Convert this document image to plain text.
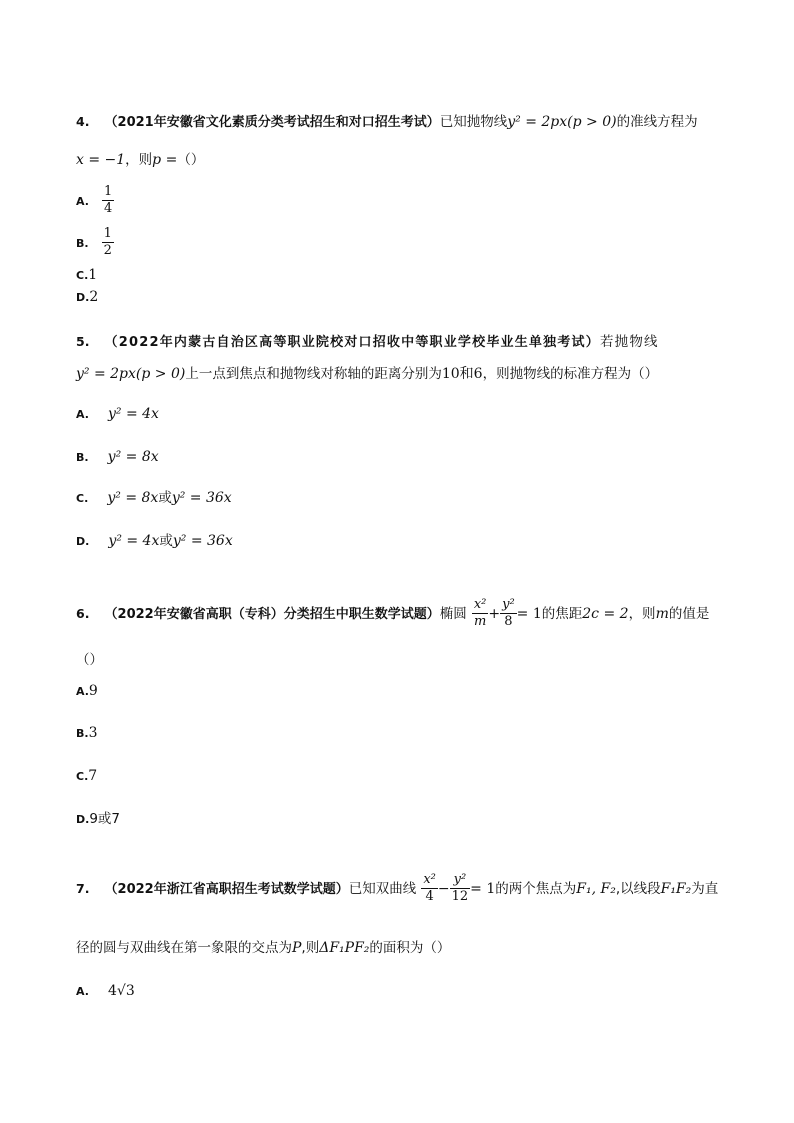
4. （2021年安徽省文化素质分类考试招生和对口招生考试）已知抛物线y² = 2px(p > 0)的准线方程为
x = −1，则p =（）
A. $\frac{1}{4}$
B. $\frac{1}{2}$
C.1
D.2
5. （2022年内蒙古自治区高等职业院校对口招收中等职业学校毕业生单独考试）若抛物线
y² = 2px(p > 0)上一点到焦点和抛物线对称轴的距离分别为10和6，则抛物线的标准方程为（）
A. y² = 4x
B. y² = 8x
C. y² = 8x或y² = 36x
D. y² = 4x或y² = 36x
6. （2022年安徽省高职（专科）分类招生中职生数学试题）椭圆 $\frac{\text{x²}}{m} + \frac{\text{y²}}{8} = 1$的焦距2c = 2，则m的值是
（）
A.9
B.3
C.7
D.9或7
7. （2022年浙江省高职招生考试数学试题）已知双曲线 $\frac{\text{x²}}{4} - \frac{\text{y²}}{12} = 1$的两个焦点为F₁, F₂,以线段F₁F₂为直
径的圆与双曲线在第一象限的交点为P,则ΔF₁PF₂的面积为（）
A. 4√3
